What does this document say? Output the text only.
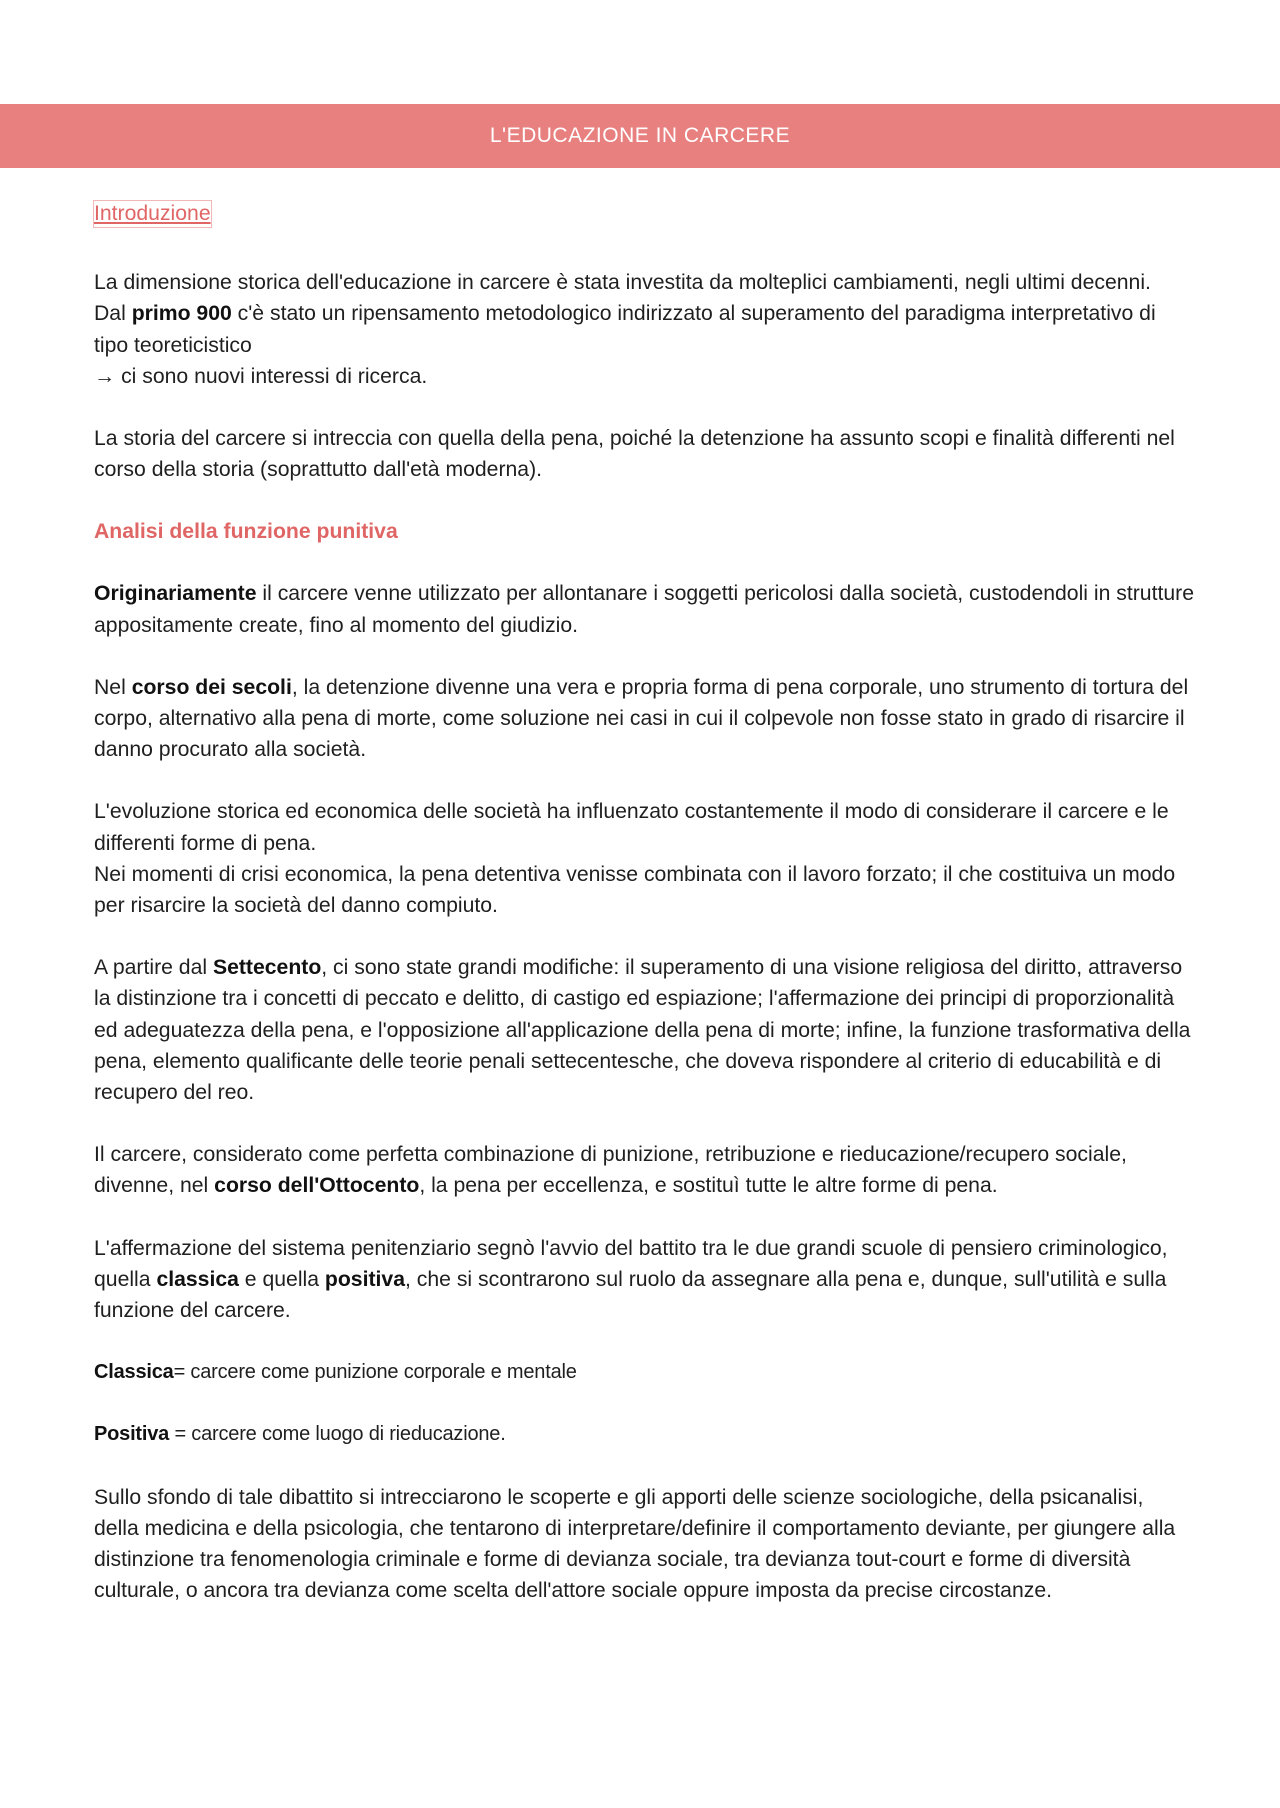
L'EDUCAZIONE IN CARCERE
Introduzione

La dimensione storica dell'educazione in carcere è stata investita da molteplici cambiamenti, negli ultimi decenni.

Dal primo 900 c'è stato un ripensamento metodologico indirizzato al superamento del paradigma interpretativo di tipo teoreticistico

→ ci sono nuovi interessi di ricerca.

La storia del carcere si intreccia con quella della pena, poiché la detenzione ha assunto scopi e finalità differenti nel corso della storia (soprattutto dall'età moderna).

Analisi della funzione punitiva

Originariamente il carcere venne utilizzato per allontanare i soggetti pericolosi dalla società, custodendoli in strutture appositamente create, fino al momento del giudizio.

Nel corso dei secoli, la detenzione divenne una vera e propria forma di pena corporale, uno strumento di tortura del corpo, alternativo alla pena di morte, come soluzione nei casi in cui il colpevole non fosse stato in grado di risarcire il danno procurato alla società.

L'evoluzione storica ed economica delle società ha influenzato costantemente il modo di considerare il carcere e le differenti forme di pena.

Nei momenti di crisi economica, la pena detentiva venisse combinata con il lavoro forzato; il che costituiva un modo per risarcire la società del danno compiuto.

A partire dal Settecento, ci sono state grandi modifiche: il superamento di una visione religiosa del diritto, attraverso la distinzione tra i concetti di peccato e delitto, di castigo ed espiazione; l'affermazione dei principi di proporzionalità ed adeguatezza della pena, e l'opposizione all'applicazione della pena di morte; infine, la funzione trasformativa della pena, elemento qualificante delle teorie penali settecentesche, che doveva rispondere al criterio di educabilità e di recupero del reo.

Il carcere, considerato come perfetta combinazione di punizione, retribuzione e rieducazione/recupero sociale, divenne, nel corso dell'Ottocento, la pena per eccellenza, e sostituì tutte le altre forme di pena.

L'affermazione del sistema penitenziario segnò l'avvio del battito tra le due grandi scuole di pensiero criminologico, quella classica e quella positiva, che si scontrarono sul ruolo da assegnare alla pena e, dunque, sull'utilità e sulla funzione del carcere.

Classica= carcere come punizione corporale e mentale

Positiva = carcere come luogo di rieducazione.

Sullo sfondo di tale dibattito si intrecciarono le scoperte e gli apporti delle scienze sociologiche, della psicanalisi, della medicina e della psicologia, che tentarono di interpretare/definire il comportamento deviante, per giungere alla distinzione tra fenomenologia criminale e forme di devianza sociale, tra devianza tout-court e forme di diversità culturale, o ancora tra devianza come scelta dell'attore sociale oppure imposta da precise circostanze.
